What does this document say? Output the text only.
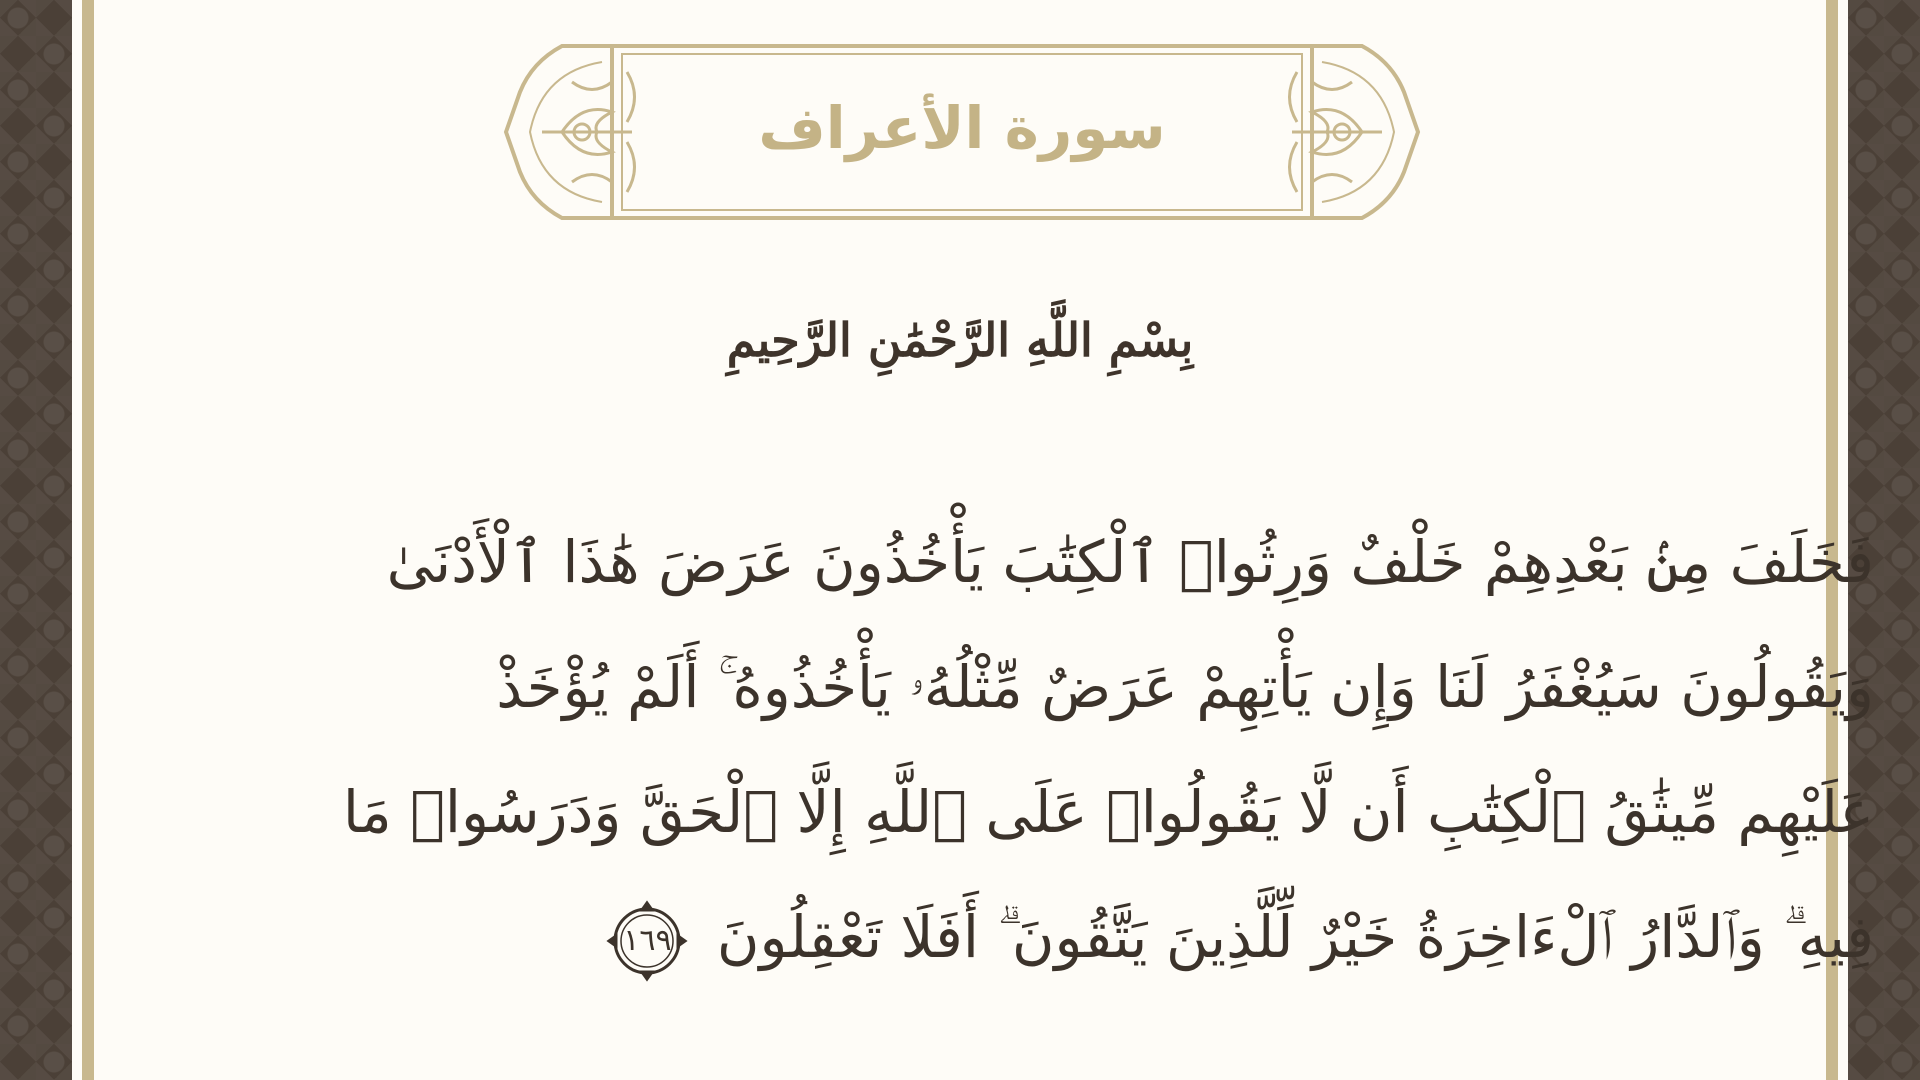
سورة الأعراف
بِسْمِ اللَّهِ الرَّحْمَٰنِ الرَّحِيمِ
فَخَلَفَ مِنۢ بَعْدِهِمْ خَلْفٌ وَرِثُوا۟ ٱلْكِتَٰبَ يَأْخُذُونَ عَرَضَ هَٰذَا ٱلْأَدْنَىٰ
وَيَقُولُونَ سَيُغْفَرُ لَنَا وَإِن يَأْتِهِمْ عَرَضٌ مِّثْلُهُۥ يَأْخُذُوهُ ۚ أَلَمْ يُؤْخَذْ
عَلَيْهِم مِّيثَٰقُ ٱلْكِتَٰبِ أَن لَّا يَقُولُوا۟ عَلَى ٱللَّهِ إِلَّا ٱلْحَقَّ وَدَرَسُوا۟ مَا
فِيهِ ۗ وَٱلدَّارُ ٱلْءَاخِرَةُ خَيْرٌ لِّلَّذِينَ يَتَّقُونَ ۗ أَفَلَا تَعْقِلُونَ
١٦٩
